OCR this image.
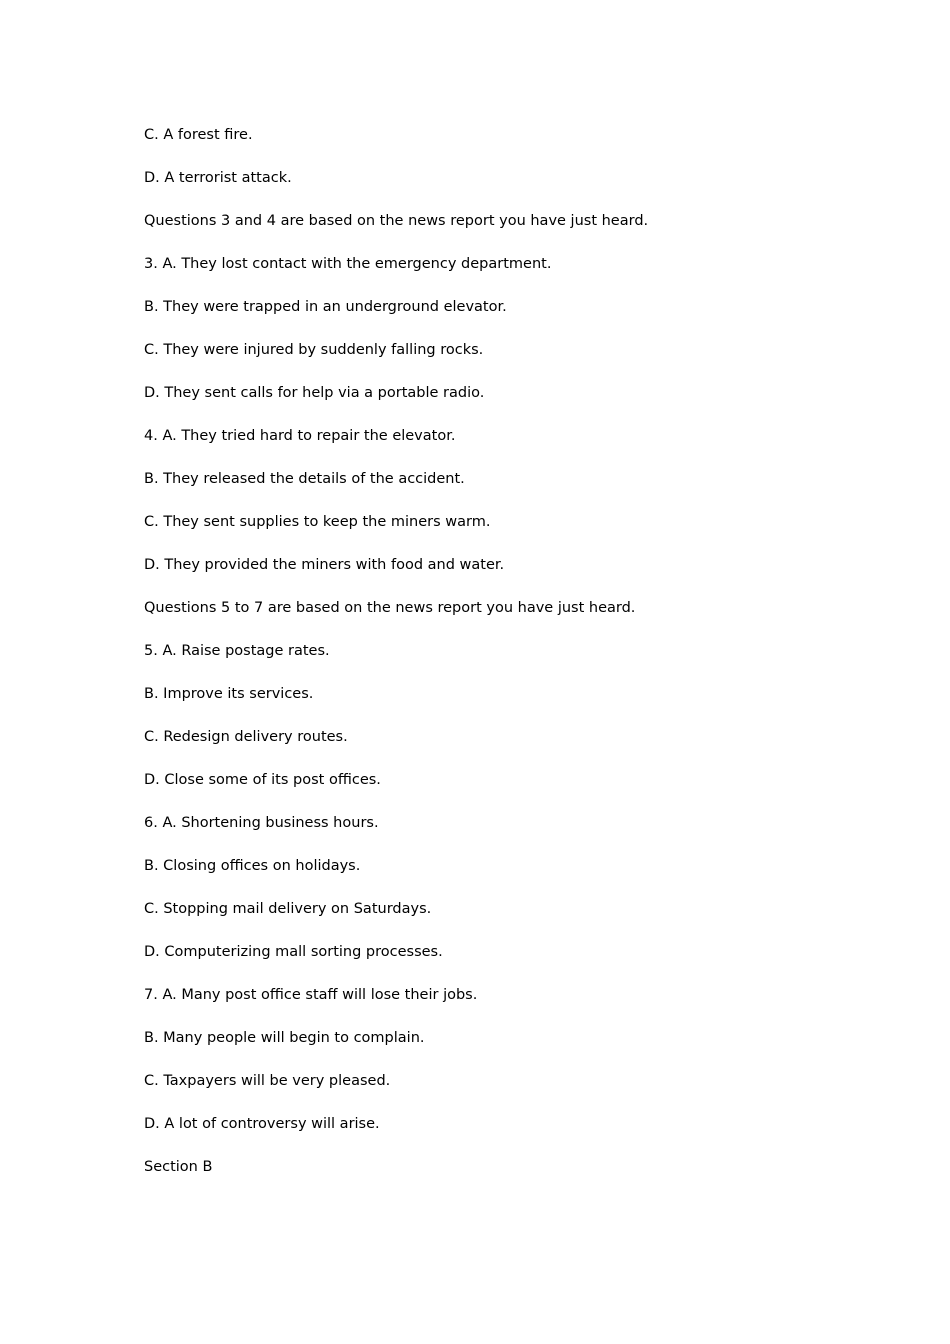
C. A forest fire.
D. A terrorist attack.
Questions 3 and 4 are based on the news report you have just heard.
3. A. They lost contact with the emergency department.
B. They were trapped in an underground elevator.
C. They were injured by suddenly falling rocks.
D. They sent calls for help via a portable radio.
4. A. They tried hard to repair the elevator.
B. They released the details of the accident.
C. They sent supplies to keep the miners warm.
D. They provided the miners with food and water.
Questions 5 to 7 are based on the news report you have just heard.
5. A. Raise postage rates.
B. Improve its services.
C. Redesign delivery routes.
D. Close some of its post offices.
6. A. Shortening business hours.
B. Closing offices on holidays.
C. Stopping mail delivery on Saturdays.
D. Computerizing mall sorting processes.
7. A. Many post office staff will lose their jobs.
B. Many people will begin to complain.
C. Taxpayers will be very pleased.
D. A lot of controversy will arise.
Section B
